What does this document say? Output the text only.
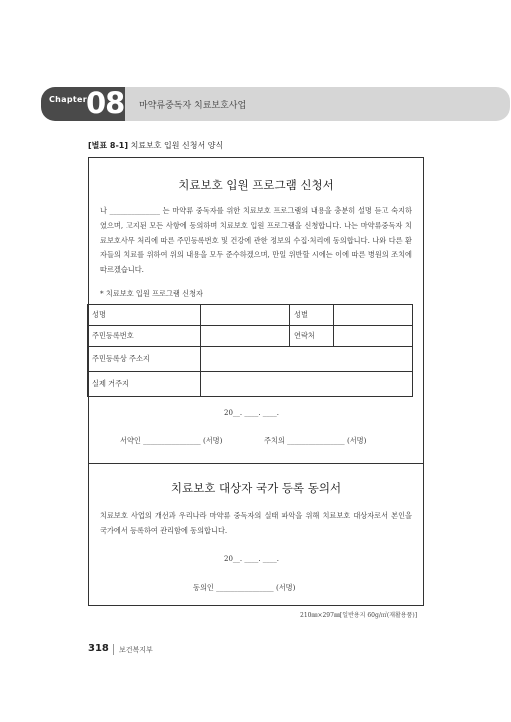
Chapter 08 마약류중독자 치료보호사업
[별표 8-1] 치료보호 입원 신청서 양식
치료보호 입원 프로그램 신청서
나 ______________ 는 마약류 중독자를 위한 치료보호 프로그램의 내용을 충분히 설명 듣고 숙지하였으며, 고지된 모든 사항에 동의하며 치료보호 입원 프로그램을 신청합니다. 나는 마약류중독자 치료보호사무 처리에 따른 주민등록번호 및 건강에 관한 정보의 수집·처리에 동의합니다. 나와 다른 환자들의 치료를 위하여 위의 내용을 모두 준수하겠으며, 만일 위반할 시에는 이에 따른 병원의 조치에 따르겠습니다.
* 치료보호 입원 프로그램 신청자
성명		성별	
주민등록번호		연락처	
주민등록상 주소지			
실제 거주지			
20__. ____. ____.
서약인 ________________ (서명)	주치의 ________________ (서명)
치료보호 대상자 국가 등록 동의서
치료보호 사업의 개선과 우리나라 마약류 중독자의 실태 파악을 위해 치료보호 대상자로서 본인을 국가에서 등록하여 관리함에 동의합니다.
20__. ____. ____.
동의인 ________________ (서명)
210㎜×297㎜[일반용지 60g/㎡(재활용품)]
318 보건복지부
